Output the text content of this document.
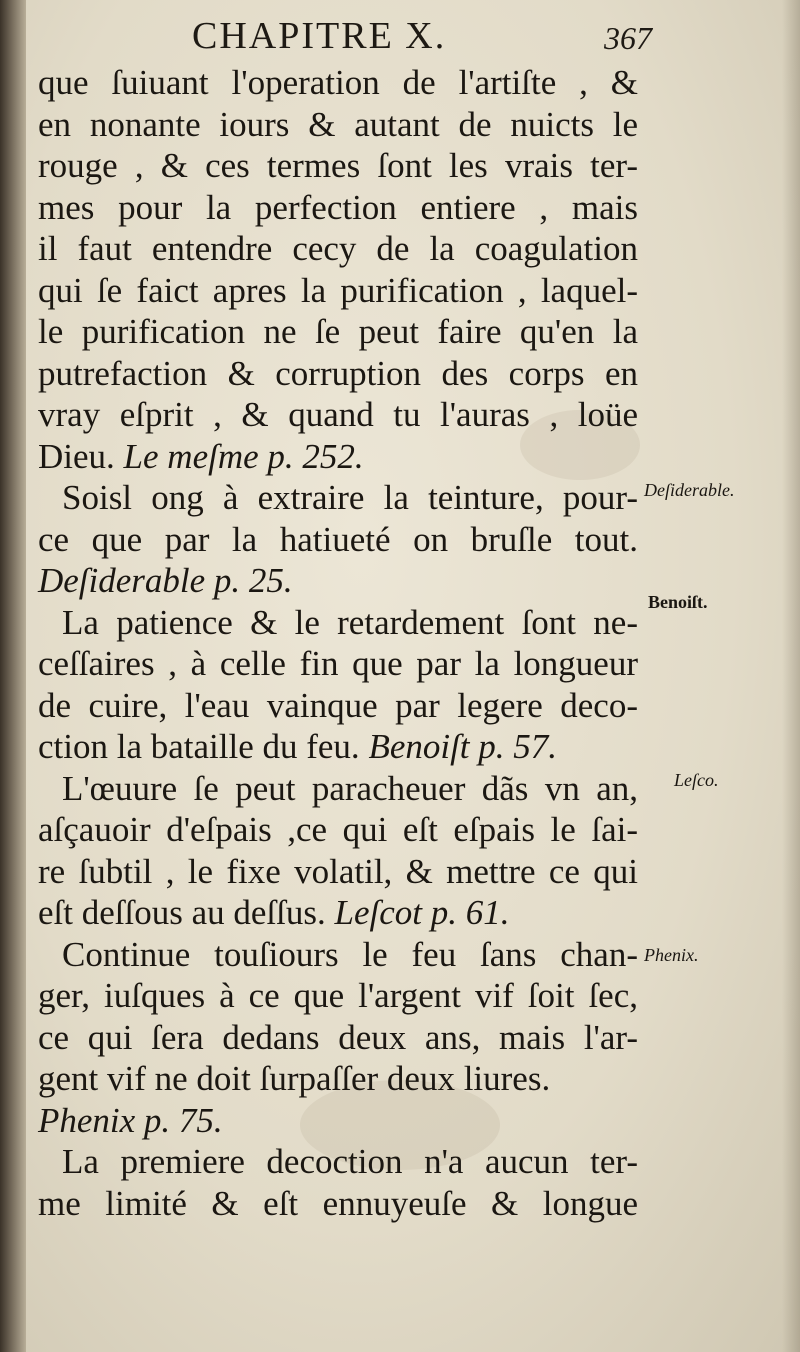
CHAPITRE X.	367
que ſuiuant l'operation de l'artiſte , &
en nonante iours & autant de nuicts le
rouge , & ces termes ſont les vrais ter-
mes pour la perfection entiere , mais
il faut entendre cecy de la coagulation
qui ſe faict apres la purification , laquel-
le purification ne ſe peut faire qu'en la
putrefaction & corruption des corps en
vray eſprit , & quand tu l'auras , loüe
Dieu. Le meſme p. 252.
Soisl ong à extraire la teinture, pour-
ce que par la hatiueté on bruſle tout.
Deſiderable p. 25.
La patience & le retardement ſont ne-
ceſſaires , à celle fin que par la longueur
de cuire, l'eau vainque par legere deco-
ction la bataille du feu. Benoiſt p. 57.
L'œuure ſe peut paracheuer dãs vn an,
aſçauoir d'eſpais ,ce qui eſt eſpais le ſai-
re ſubtil , le fixe volatil, & mettre ce qui
eſt deſſous au deſſus. Leſcot p. 61.
Continue touſiours le feu ſans chan-
ger, iuſques à ce que l'argent vif ſoit ſec,
ce qui ſera dedans deux ans, mais l'ar-
gent vif ne doit ſurpaſſer deux liures.
Phenix p. 75.
La premiere decoction n'a aucun ter-
me limité & eſt ennuyeuſe & longue
Deſiderable.
Benoiſt.
Leſco.
Phenix.
